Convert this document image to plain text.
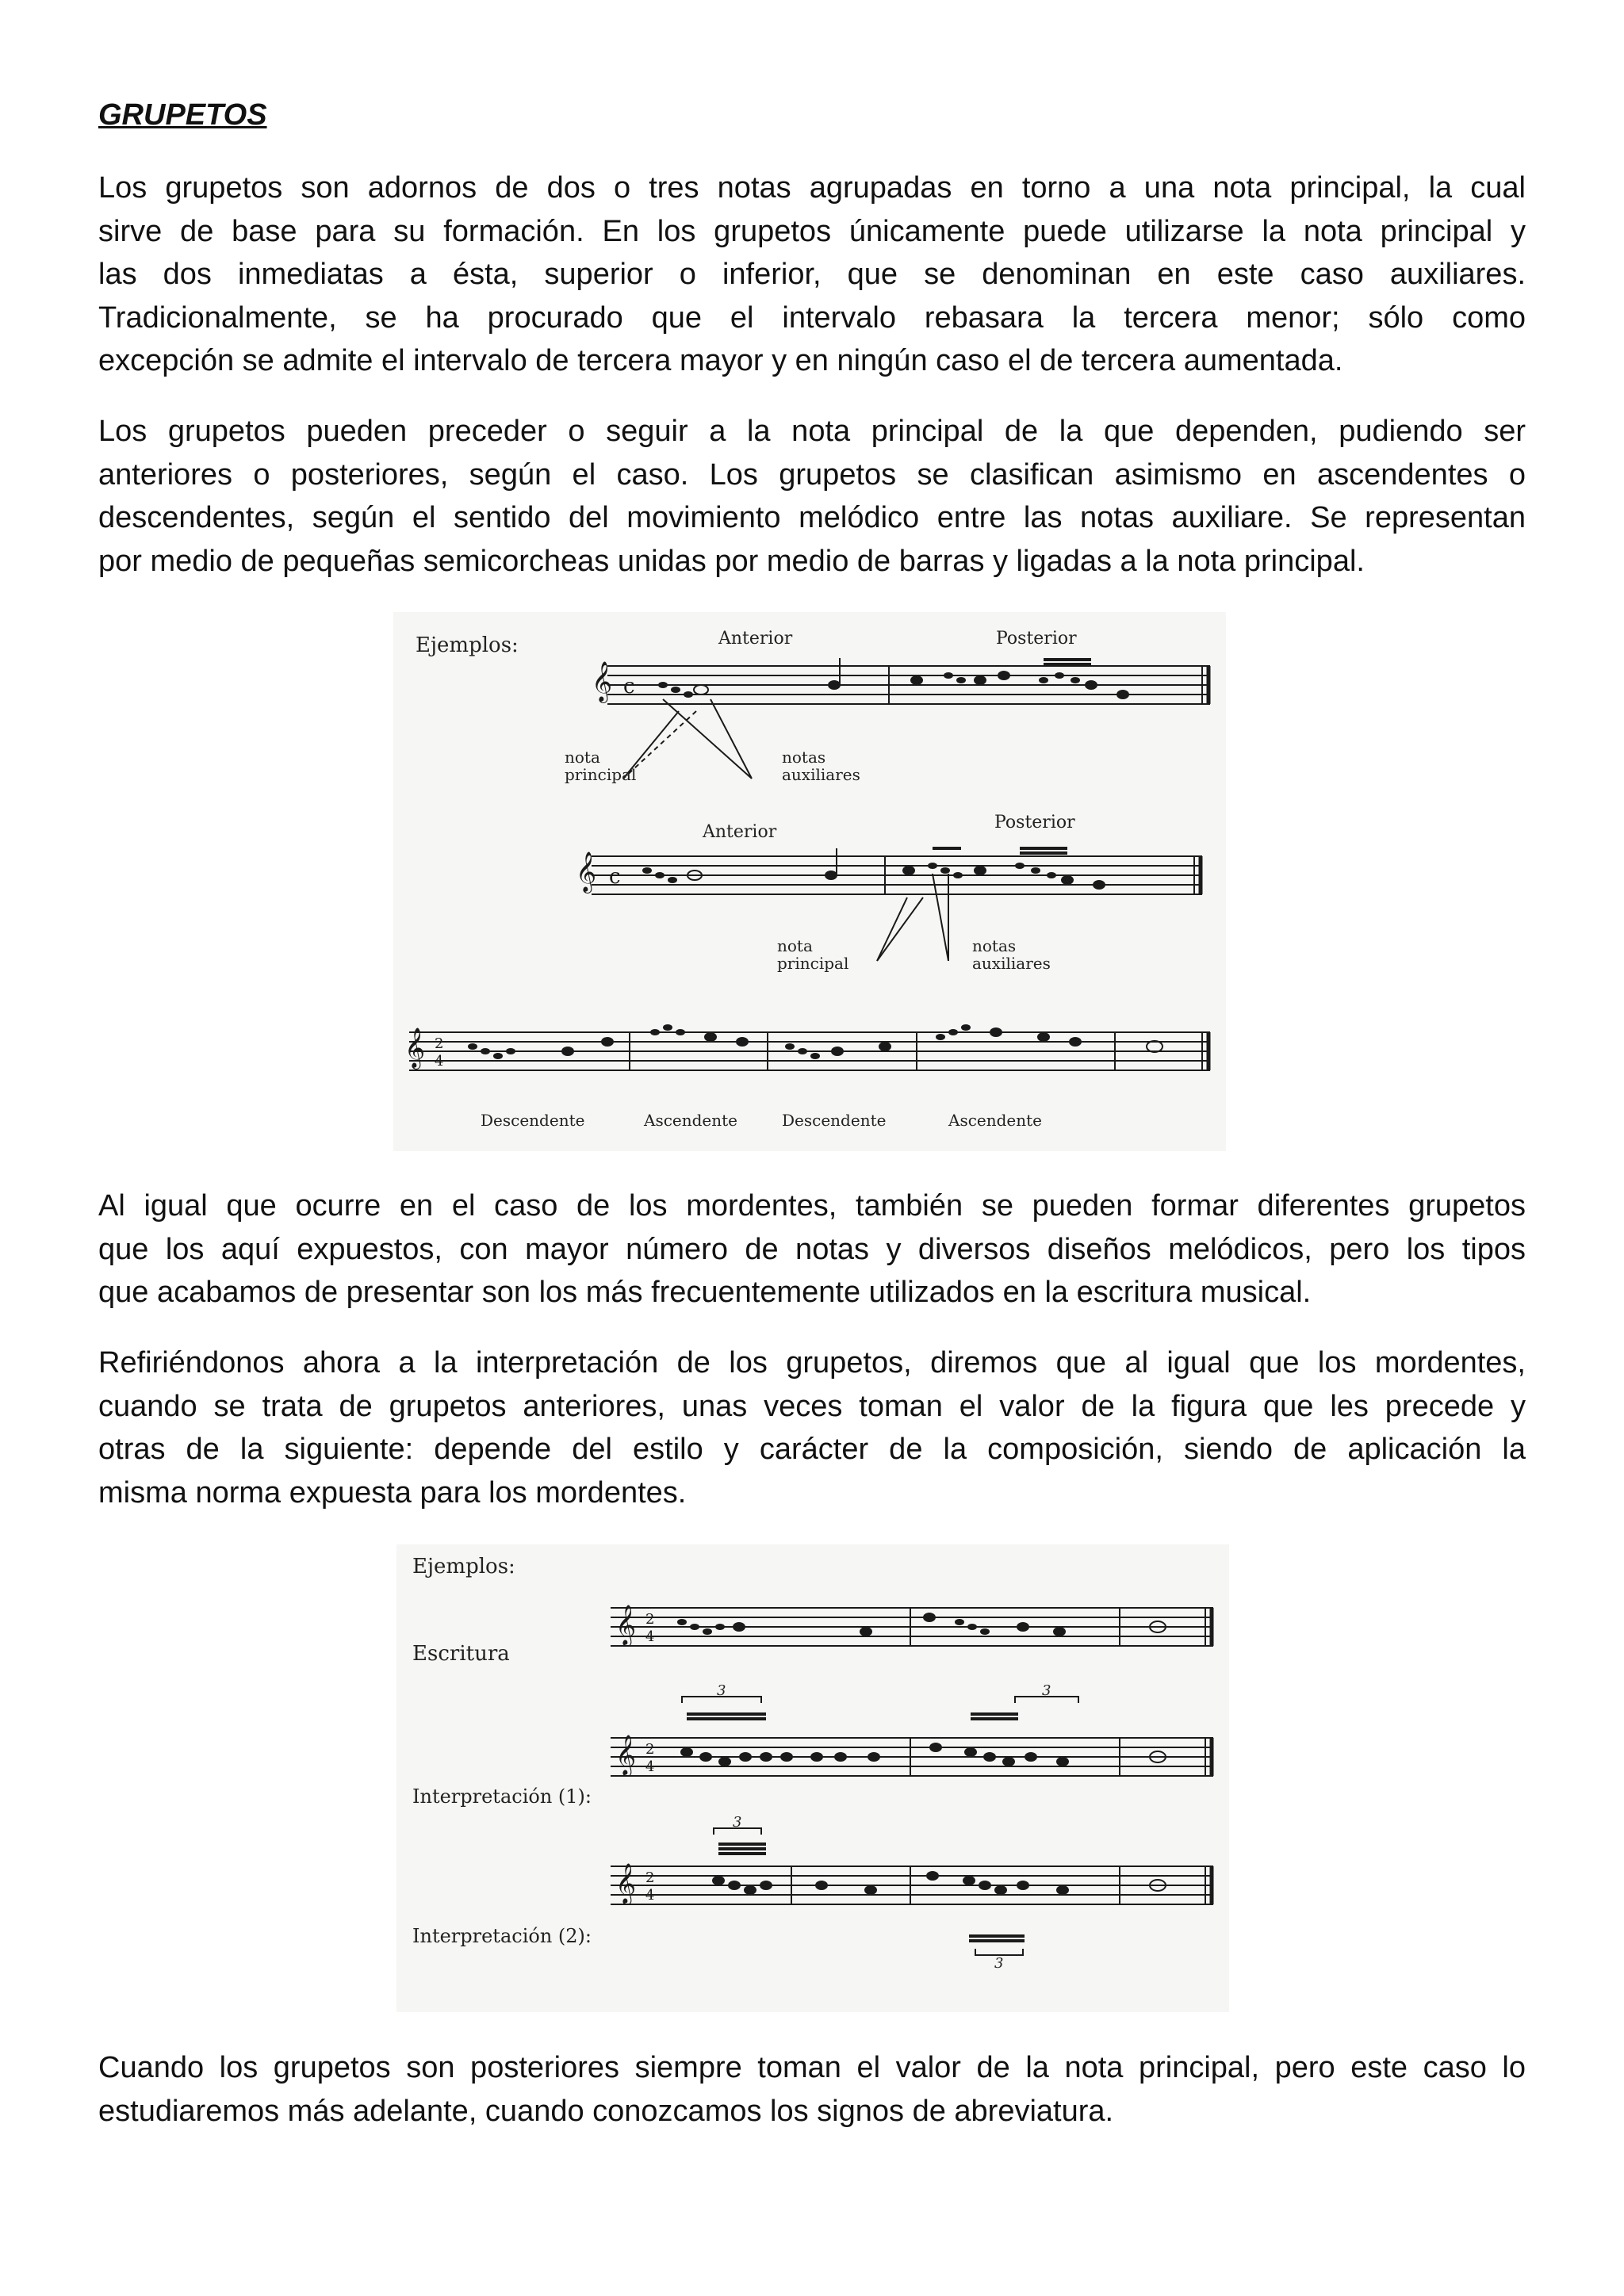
GRUPETOS
Los grupetos son adornos de dos o tres notas agrupadas en torno a una nota principal, la cual
sirve de base para su formación. En los grupetos únicamente puede utilizarse la nota principal y
las dos inmediatas a ésta, superior o inferior, que se denominan en este caso auxiliares.
Tradicionalmente, se ha procurado que el intervalo rebasara la tercera menor; sólo como
excepción se admite el intervalo de tercera mayor y en ningún caso el de tercera aumentada.
Los grupetos pueden preceder o seguir a la nota principal de la que dependen, pudiendo ser
anteriores o posteriores, según el caso. Los grupetos se clasifican asimismo en ascendentes o
descendentes, según el sentido del movimiento melódico entre las notas auxiliare. Se representan
por medio de pequeñas semicorcheas unidas por medio de barras y ligadas a la nota principal.
𝄞 c
𝄞 c
𝄞 2
4
Ejemplos:	Anterior	Posterior
nota
principal
notas
auxiliares
Anterior	Posterior
nota
principal
notas
auxiliares
Descendente	Ascendente	Descendente	Ascendente
Al igual que ocurre en el caso de los mordentes, también se pueden formar diferentes grupetos
que los aquí expuestos, con mayor número de notas y diversos diseños melódicos, pero los tipos
que acabamos de presentar son los más frecuentemente utilizados en la escritura musical.
Refiriéndonos ahora a la interpretación de los grupetos, diremos que al igual que los mordentes,
cuando se trata de grupetos anteriores, unas veces toman el valor de la figura que les precede y
otras de la siguiente: depende del estilo y carácter de la composición, siendo de aplicación la
misma norma expuesta para los mordentes.
𝄞 2
4
𝄞 2
4
𝄞 2
4
Ejemplos:
Escritura
Interpretación (1):
Interpretación (2):
3	3
3
3
Cuando los grupetos son posteriores siempre toman el valor de la nota principal, pero este caso lo
estudiaremos más adelante, cuando conozcamos los signos de abreviatura.
